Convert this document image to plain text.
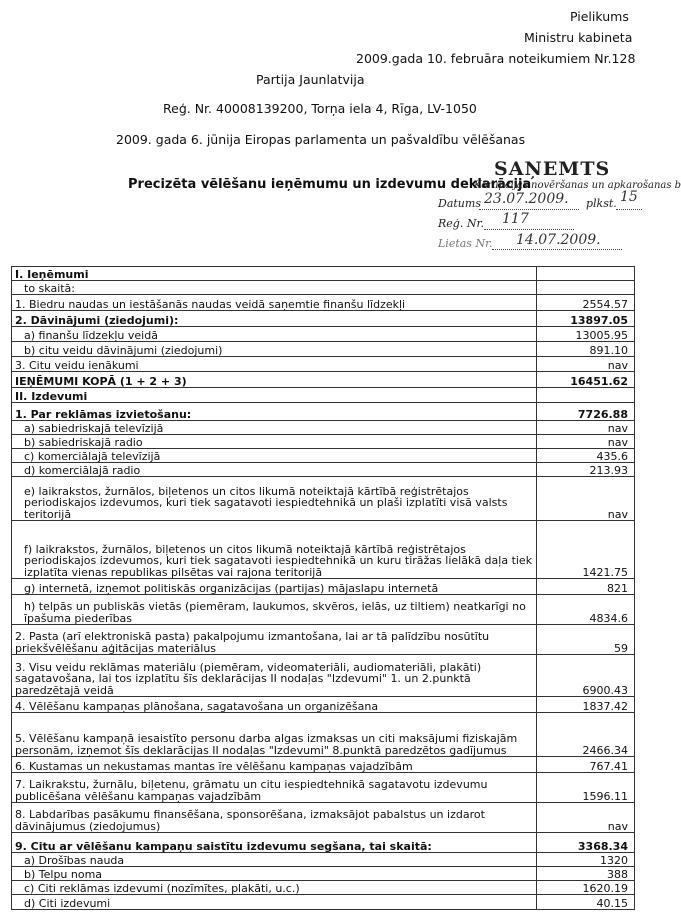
Pielikums
Ministru kabineta
2009.gada 10. februāra noteikumiem Nr.128
Partija Jaunlatvija
Reģ. Nr. 40008139200, Torņa iela 4, Rīga, LV-1050
2009. gada 6. jūnija Eiropas parlamenta un pašvaldību vēlēšanas
Precizēta vēlēšanu ieņēmumu un izdevumu deklarācija
SAŅEMTS
Korupcijas novēršanas un apkarošanas b
Datums 23.07.2009. plkst. 15
Reģ. Nr. 117
Lietas Nr. 14.07.2009.
I. Ieņēmumi	
to skaitā:	
1. Biedru naudas un iestāšanās naudas veidā saņemtie finanšu līdzekļi	2554.57
2. Dāvinājumi (ziedojumi):	13897.05
a) finanšu līdzekļu veidā	13005.95
b) citu veidu dāvinājumi (ziedojumi)	891.10
3. Citu veidu ienākumi	nav
IEŅĒMUMI KOPĀ (1 + 2 + 3)	16451.62
II. Izdevumi	
1. Par reklāmas izvietošanu:	7726.88
a) sabiedriskajā televīzijā	nav
b) sabiedriskajā radio	nav
c) komerciālajā televīzijā	435.6
d) komerciālajā radio	213.93
e) laikrakstos, žurnālos, biļetenos un citos likumā noteiktajā kārtībā reģistrētajos periodiskajos izdevumos, kuri tiek sagatavoti iespiedtehnikā un plaši izplatīti visā valsts teritorijā	nav
f) laikrakstos, žurnālos, biļetenos un citos likumā noteiktajā kārtībā reģistrētajos periodiskajos izdevumos, kuri tiek sagatavoti iespiedtehnikā un kuru tirāžas lielākā daļa tiek izplatīta vienas republikas pilsētas vai rajona teritorijā	1421.75
g) internetā, izņemot politiskās organizācijas (partijas) mājaslapu internetā	821
h) telpās un publiskās vietās (piemēram, laukumos, skvēros, ielās, uz tiltiem) neatkarīgi no īpašuma piederības	4834.6
2. Pasta (arī elektroniskā pasta) pakalpojumu izmantošana, lai ar tā palīdzību nosūtītu priekšvēlēšanu aģitācijas materiālus	59
3. Visu veidu reklāmas materiālu (piemēram, videomateriāli, audiomateriāli, plakāti) sagatavošana, lai tos izplatītu šīs deklarācijas II nodaļas "Izdevumi" 1. un 2.punktā paredzētajā veidā	6900.43
4. Vēlēšanu kampaņas plānošana, sagatavošana un organizēšana	1837.42
5. Vēlēšanu kampaņā iesaistīto personu darba algas izmaksas un citi maksājumi fiziskajām personām, izņemot šīs deklarācijas II nodaļas "Izdevumi" 8.punktā paredzētos gadījumus	2466.34
6. Kustamas un nekustamas mantas īre vēlēšanu kampaņas vajadzībām	767.41
7. Laikrakstu, žurnālu, biļetenu, grāmatu un citu iespiedtehnikā sagatavotu izdevumu publicēšana vēlēšanu kampaņas vajadzībām	1596.11
8. Labdarības pasākumu finansēšana, sponsorēšana, izmaksājot pabalstus un izdarot dāvinājumus (ziedojumus)	nav
9. Citu ar vēlēšanu kampaņu saistītu izdevumu segšana, tai skaitā:	3368.34
a) Drošības nauda	1320
b) Telpu noma	388
c) Citi reklāmas izdevumi (nozīmītes, plakāti, u.c.)	1620.19
d) Citi izdevumi	40.15
